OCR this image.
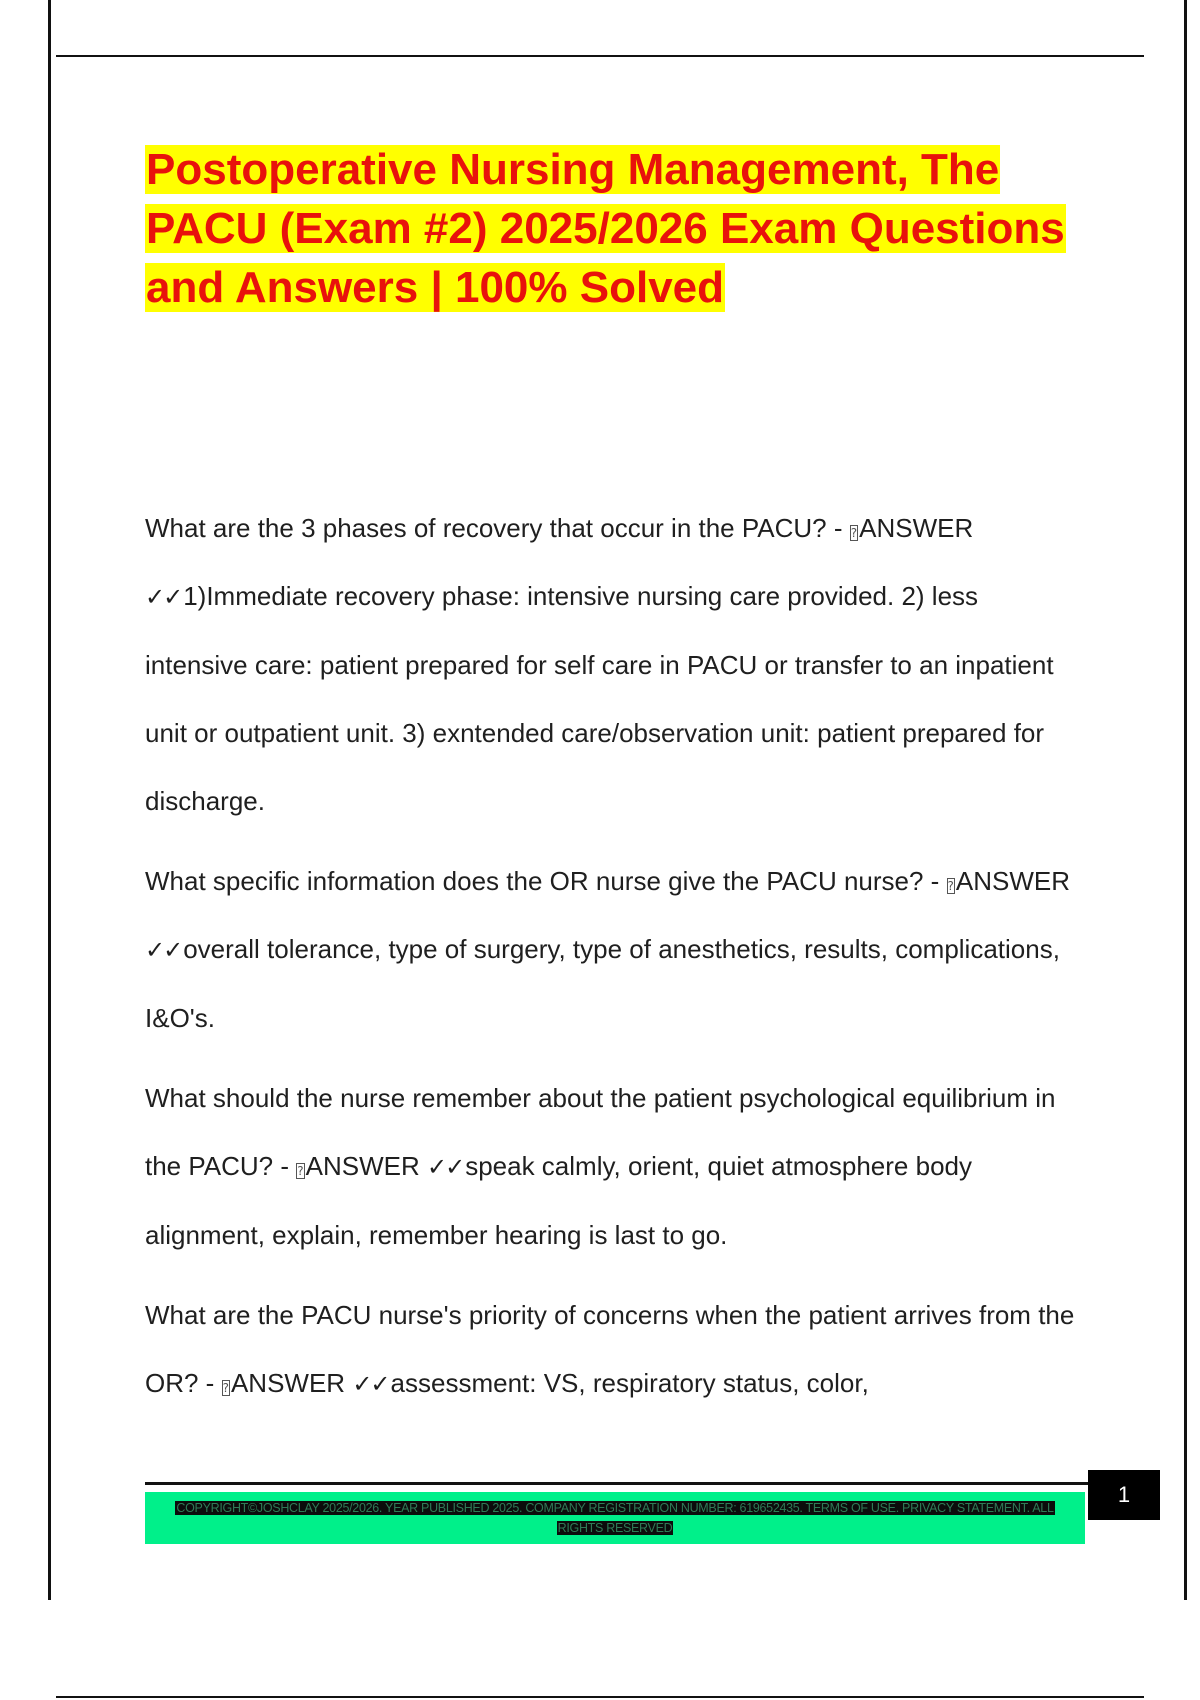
Postoperative Nursing Management, The PACU (Exam #2) 2025/2026 Exam Questions and Answers | 100% Solved
What are the 3 phases of recovery that occur in the PACU? - ?ANSWER ✓✓1)Immediate recovery phase: intensive nursing care provided. 2) less intensive care: patient prepared for self care in PACU or transfer to an inpatient unit or outpatient unit. 3) exntended care/observation unit: patient prepared for discharge.
What specific information does the OR nurse give the PACU nurse? - ?ANSWER ✓✓overall tolerance, type of surgery, type of anesthetics, results, complications, I&O's.
What should the nurse remember about the patient psychological equilibrium in the PACU? - ?ANSWER ✓✓speak calmly, orient, quiet atmosphere body alignment, explain, remember hearing is last to go.
What are the PACU nurse's priority of concerns when the patient arrives from the OR? - ?ANSWER ✓✓assessment: VS, respiratory status, color,
COPYRIGHT©JOSHCLAY 2025/2026. YEAR PUBLISHED 2025. COMPANY REGISTRATION NUMBER: 619652435. TERMS OF USE. PRIVACY STATEMENT. ALL RIGHTS RESERVED
1
